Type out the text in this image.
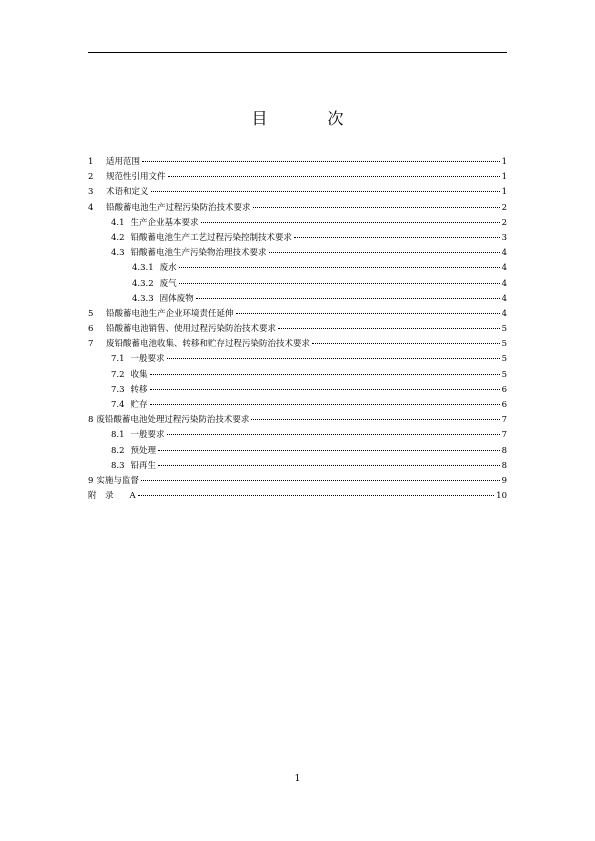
目　次
1	适用范围	1
2	规范性引用文件	1
3	术语和定义	1
4	铅酸蓄电池生产过程污染防治技术要求	2
4.1 生产企业基本要求	2
4.2 铅酸蓄电池生产工艺过程污染控制技术要求	3
4.3 铅酸蓄电池生产污染物治理技术要求	4
4.3.1 废水	4
4.3.2 废气	4
4.3.3 固体废物	4
5	铅酸蓄电池生产企业环境责任延伸	4
6	铅酸蓄电池销售、使用过程污染防治技术要求	5
7	废铅酸蓄电池收集、转移和贮存过程污染防治技术要求	5
7.1 一般要求	5
7.2 收集	5
7.3 转移	6
7.4 贮存	6
8 废铅酸蓄电池处理过程污染防治技术要求	7
8.1 一般要求	7
8.2 预处理	8
8.3 铅再生	8
9 实施与监督	9
附　录 A	10
1
